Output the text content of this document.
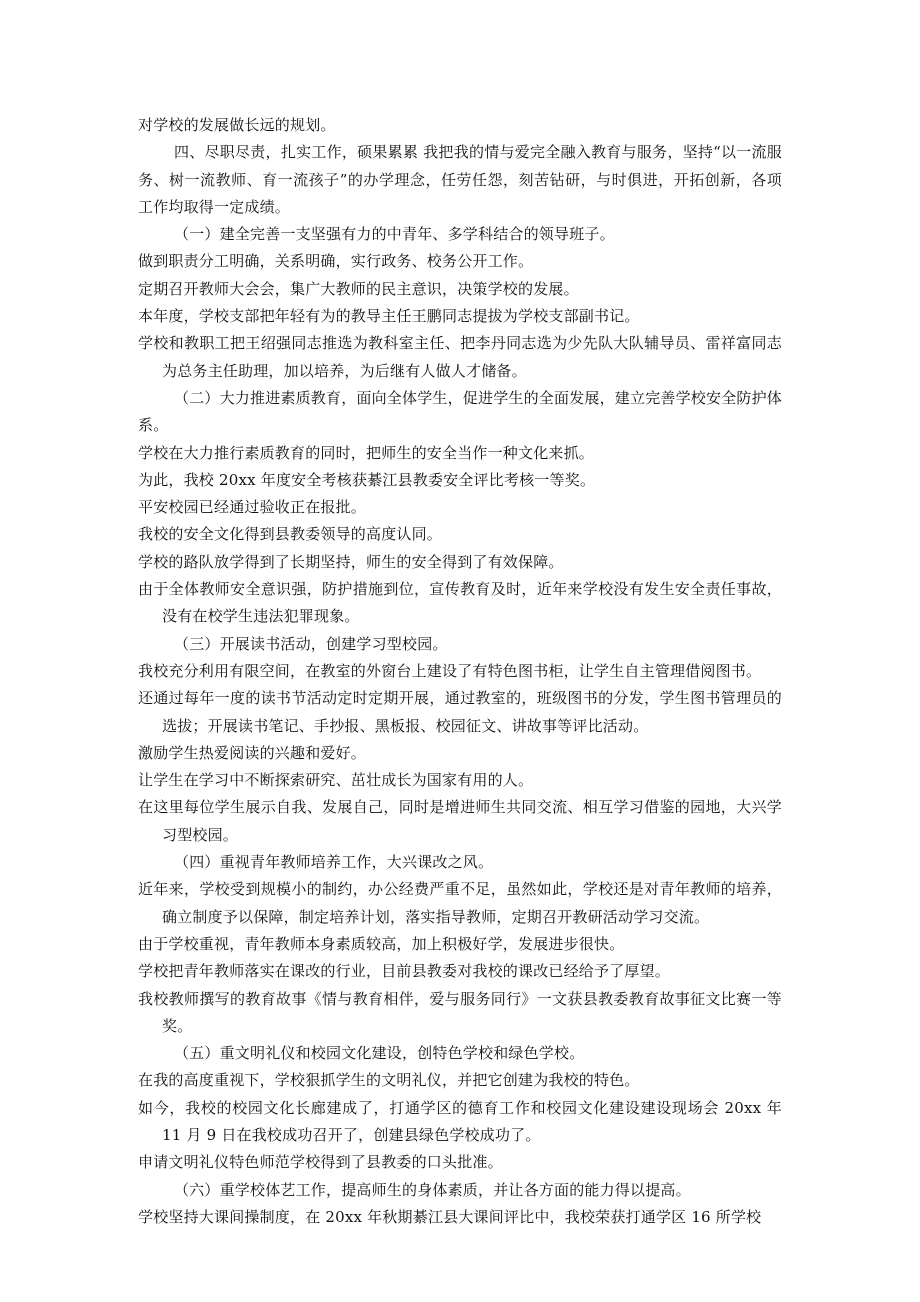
对学校的发展做长远的规划。

四、尽职尽责，扎实工作，硕果累累 我把我的情与爱完全融入教育与服务，坚持“以一流服务、树一流教师、育一流孩子”的办学理念，任劳任怨，刻苦钻研，与时俱进，开拓创新，各项工作均取得一定成绩。

（一）建全完善一支坚强有力的中青年、多学科结合的领导班子。

做到职责分工明确，关系明确，实行政务、校务公开工作。

定期召开教师大会会，集广大教师的民主意识，决策学校的发展。

本年度，学校支部把年轻有为的教导主任王鹏同志提拔为学校支部副书记。

学校和教职工把王绍强同志推选为教科室主任、把李丹同志选为少先队大队辅导员、雷祥富同志为总务主任助理，加以培养，为后继有人做人才储备。

（二）大力推进素质教育，面向全体学生，促进学生的全面发展，建立完善学校安全防护体系。

学校在大力推行素质教育的同时，把师生的安全当作一种文化来抓。

为此，我校 20xx 年度安全考核获綦江县教委安全评比考核一等奖。

平安校园已经通过验收正在报批。

我校的安全文化得到县教委领导的高度认同。

学校的路队放学得到了长期坚持，师生的安全得到了有效保障。

由于全体教师安全意识强，防护措施到位，宣传教育及时，近年来学校没有发生安全责任事故，没有在校学生违法犯罪现象。

（三）开展读书活动，创建学习型校园。

我校充分利用有限空间，在教室的外窗台上建设了有特色图书柜，让学生自主管理借阅图书。

还通过每年一度的读书节活动定时定期开展，通过教室的，班级图书的分发，学生图书管理员的选拔；开展读书笔记、手抄报、黑板报、校园征文、讲故事等评比活动。

激励学生热爱阅读的兴趣和爱好。

让学生在学习中不断探索研究、茁壮成长为国家有用的人。

在这里每位学生展示自我、发展自己，同时是增进师生共同交流、相互学习借鉴的园地，大兴学习型校园。

（四）重视青年教师培养工作，大兴课改之风。

近年来，学校受到规模小的制约，办公经费严重不足，虽然如此，学校还是对青年教师的培养，确立制度予以保障，制定培养计划，落实指导教师，定期召开教研活动学习交流。

由于学校重视，青年教师本身素质较高，加上积极好学，发展进步很快。

学校把青年教师落实在课改的行业，目前县教委对我校的课改已经给予了厚望。

我校教师撰写的教育故事《情与教育相伴，爱与服务同行》一文获县教委教育故事征文比赛一等奖。

（五）重文明礼仪和校园文化建设，创特色学校和绿色学校。

在我的高度重视下，学校狠抓学生的文明礼仪，并把它创建为我校的特色。

如今，我校的校园文化长廊建成了，打通学区的德育工作和校园文化建设建设现场会 20xx 年 11 月 9 日在我校成功召开了，创建县绿色学校成功了。

申请文明礼仪特色师范学校得到了县教委的口头批准。

（六）重学校体艺工作，提高师生的身体素质，并让各方面的能力得以提高。

学校坚持大课间操制度，在 20xx 年秋期綦江县大课间评比中，我校荣获打通学区 16 所学校
